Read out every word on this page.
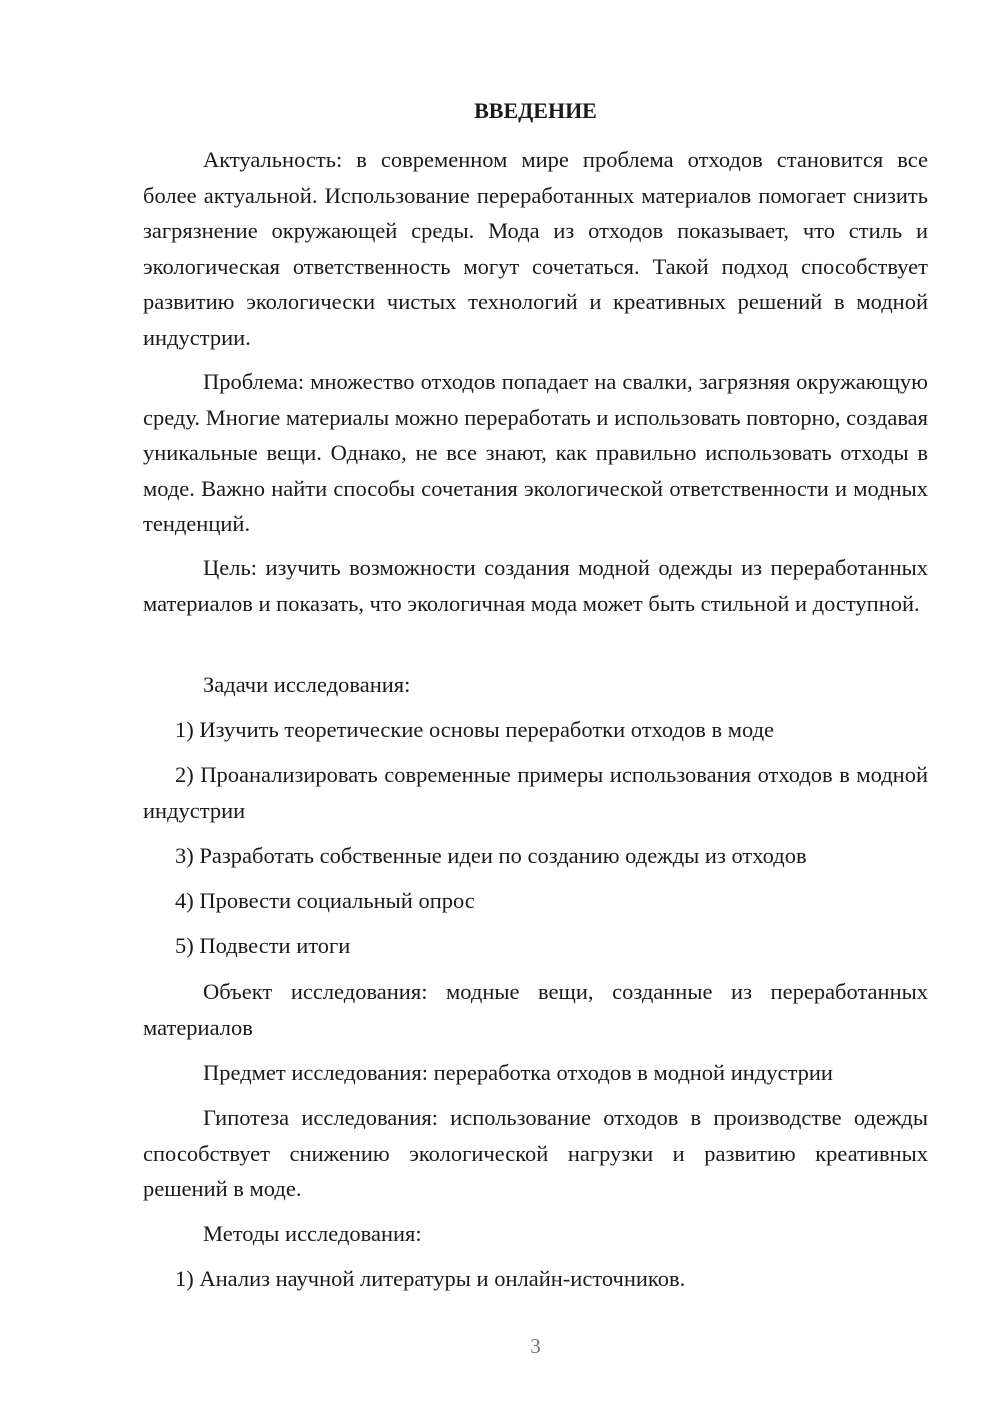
ВВЕДЕНИЕ

Актуальность: в современном мире проблема отходов становится все более актуальной. Использование переработанных материалов помогает снизить загрязнение окружающей среды. Мода из отходов показывает, что стиль и экологическая ответственность могут сочетаться. Такой подход способствует развитию экологически чистых технологий и креативных решений в модной индустрии.

Проблема: множество отходов попадает на свалки, загрязняя окружающую среду. Многие материалы можно переработать и использовать повторно, создавая уникальные вещи. Однако, не все знают, как правильно использовать отходы в моде. Важно найти способы сочетания экологической ответственности и модных тенденций.

Цель: изучить возможности создания модной одежды из переработанных материалов и показать, что экологичная мода может быть стильной и доступной.

Задачи исследования:

1) Изучить теоретические основы переработки отходов в моде

2) Проанализировать современные примеры использования отходов в модной индустрии

3) Разработать собственные идеи по созданию одежды из отходов

4) Провести социальный опрос

5) Подвести итоги

Объект исследования: модные вещи, созданные из переработанных материалов

Предмет исследования: переработка отходов в модной индустрии

Гипотеза исследования: использование отходов в производстве одежды способствует снижению экологической нагрузки и развитию креативных решений в моде.

Методы исследования:

1) Анализ научной литературы и онлайн-источников.

3
